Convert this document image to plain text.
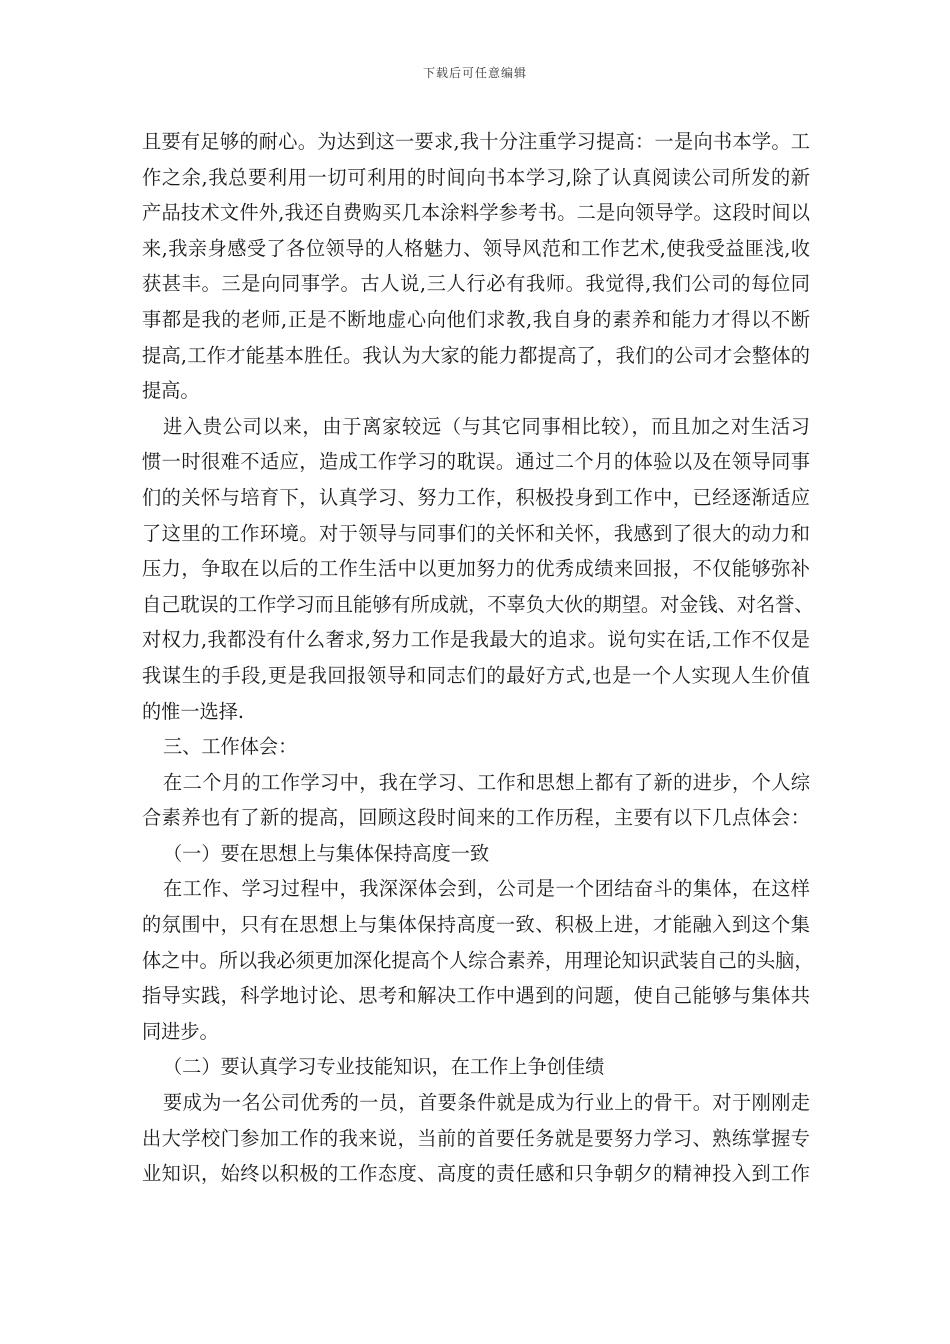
下载后可任意编辑
且要有足够的耐心。为达到这一要求,我十分注重学习提高：一是向书本学。工
作之余,我总要利用一切可利用的时间向书本学习,除了认真阅读公司所发的新
产品技术文件外,我还自费购买几本涂料学参考书。二是向领导学。这段时间以
来,我亲身感受了各位领导的人格魅力、领导风范和工作艺术,使我受益匪浅,收
获甚丰。三是向同事学。古人说,三人行必有我师。我觉得,我们公司的每位同
事都是我的老师,正是不断地虚心向他们求教,我自身的素养和能力才得以不断
提高,工作才能基本胜任。我认为大家的能力都提高了，我们的公司才会整体的
提高。
进入贵公司以来，由于离家较远（与其它同事相比较），而且加之对生活习
惯一时很难不适应，造成工作学习的耽误。通过二个月的体验以及在领导同事
们的关怀与培育下，认真学习、努力工作，积极投身到工作中，已经逐渐适应
了这里的工作环境。对于领导与同事们的关怀和关怀，我感到了很大的动力和
压力，争取在以后的工作生活中以更加努力的优秀成绩来回报，不仅能够弥补
自己耽误的工作学习而且能够有所成就，不辜负大伙的期望。对金钱、对名誉、
对权力,我都没有什么奢求,努力工作是我最大的追求。说句实在话,工作不仅是
我谋生的手段,更是我回报领导和同志们的最好方式,也是一个人实现人生价值
的惟一选择.
三、工作体会：
在二个月的工作学习中，我在学习、工作和思想上都有了新的进步，个人综
合素养也有了新的提高，回顾这段时间来的工作历程，主要有以下几点体会：
（一）要在思想上与集体保持高度一致
在工作、学习过程中，我深深体会到，公司是一个团结奋斗的集体，在这样
的氛围中，只有在思想上与集体保持高度一致、积极上进，才能融入到这个集
体之中。所以我必须更加深化提高个人综合素养，用理论知识武装自己的头脑，
指导实践，科学地讨论、思考和解决工作中遇到的问题，使自己能够与集体共
同进步。
（二）要认真学习专业技能知识，在工作上争创佳绩
要成为一名公司优秀的一员，首要条件就是成为行业上的骨干。对于刚刚走
出大学校门参加工作的我来说，当前的首要任务就是要努力学习、熟练掌握专
业知识，始终以积极的工作态度、高度的责任感和只争朝夕的精神投入到工作
